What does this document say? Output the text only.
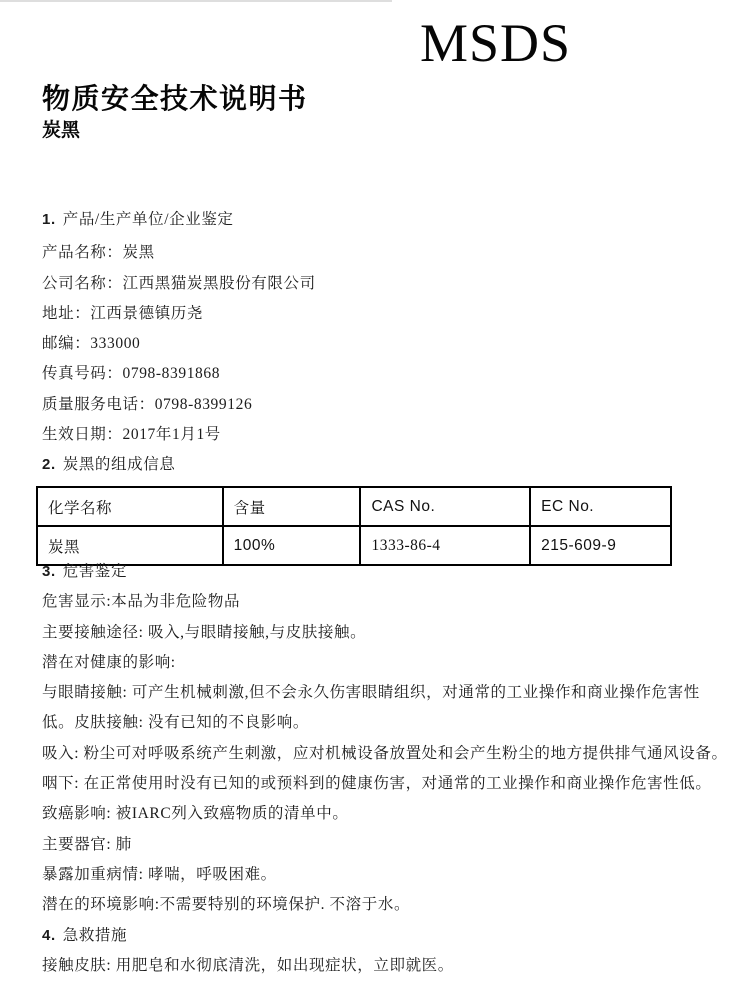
MSDS
物质安全技术说明书
炭黑

1. 产品/生产单位/企业鉴定

产品名称：炭黑

公司名称：江西黑猫炭黑股份有限公司

地址：江西景德镇历尧

邮编：333000

传真号码：0798-8391868

质量服务电话：0798-8399126

生效日期：2017年1月1号

2. 炭黑的组成信息

化学名称	含量	CAS No.	EC No.
炭黑	100%	1333-86-4	215-609-9

3. 危害鉴定

危害显示:本品为非危险物品

主要接触途径: 吸入,与眼睛接触,与皮肤接触。

潜在对健康的影响:

与眼睛接触: 可产生机械刺激,但不会永久伤害眼睛组织，对通常的工业操作和商业操作危害性

低。皮肤接触: 没有已知的不良影响。

吸入: 粉尘可对呼吸系统产生刺激，应对机械设备放置处和会产生粉尘的地方提供排气通风设备。

咽下: 在正常使用时没有已知的或预料到的健康伤害，对通常的工业操作和商业操作危害性低。

致癌影响: 被IARC列入致癌物质的清单中。

主要器官: 肺

暴露加重病情: 哮喘，呼吸困难。

潜在的环境影响:不需要特别的环境保护. 不溶于水。

4. 急救措施

接触皮肤: 用肥皂和水彻底清洗，如出现症状，立即就医。
